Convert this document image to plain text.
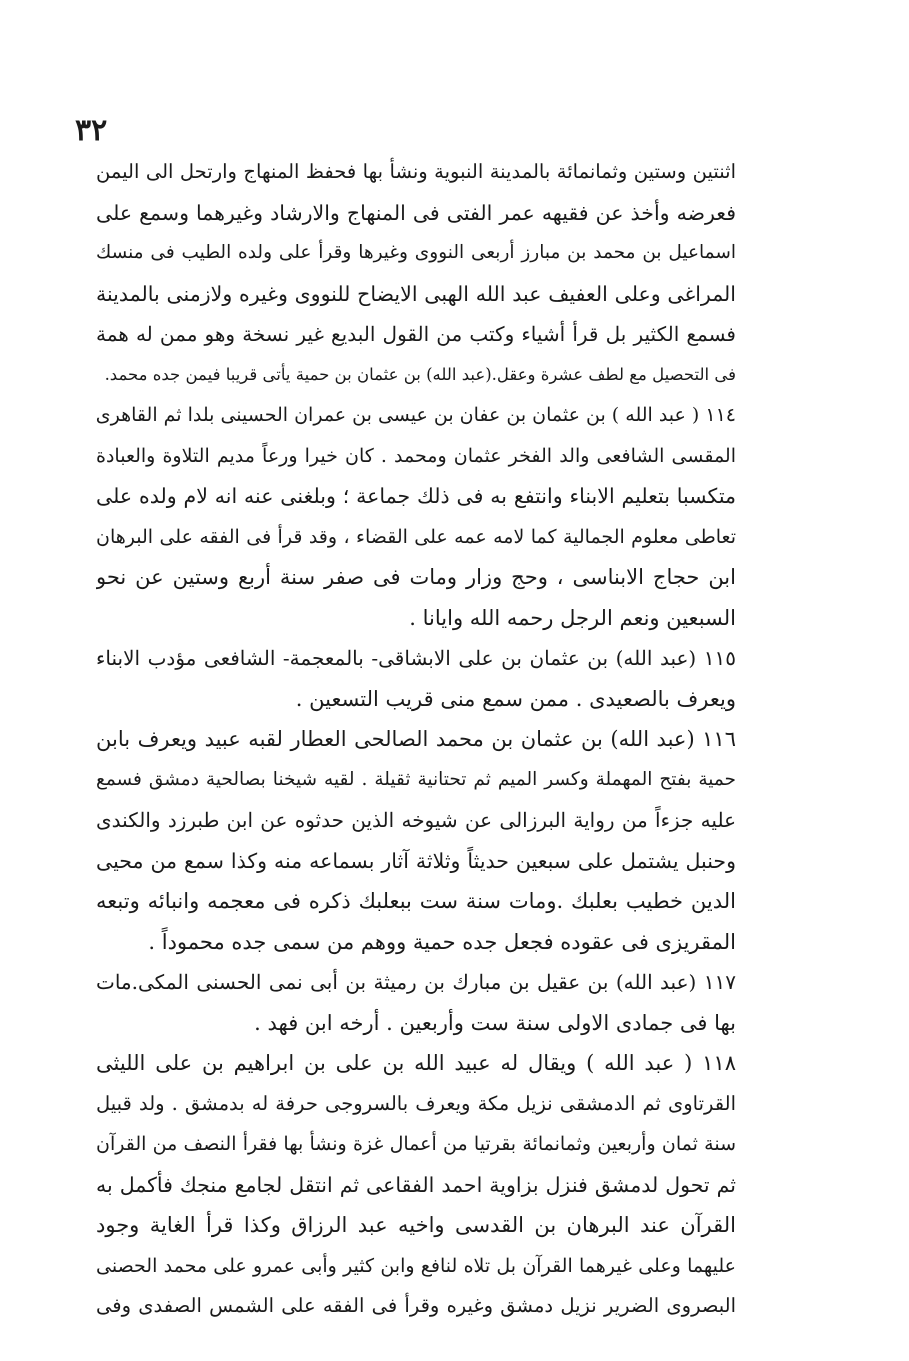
٣٢
اثنتين وستين وثمانمائة بالمدينة النبوية ونشأ بها فحفظ المنهاج وارتحل الى اليمن
فعرضه وأخذ عن فقيهه عمر الفتى فى المنهاج والارشاد وغيرهما وسمع على
اسماعيل بن محمد بن مبارز أربعى النووى وغيرها وقرأ على ولده الطيب فى منسك
المراغى وعلى العفيف عبد الله الهبى الايضاح للنووى وغيره ولازمنى بالمدينة
فسمع الكثير بل قرأ أشياء وكتب من القول البديع غير نسخة وهو ممن له همة
فى التحصيل مع لطف عشرة وعقل.(عبد الله) بن عثمان بن حمية يأتى قريبا فيمن جده محمد.
١١٤ ( عبد الله ) بن عثمان بن عفان بن عيسى بن عمران الحسينى بلدا ثم القاهرى
المقسى الشافعى والد الفخر عثمان ومحمد . كان خيرا ورعاً مديم التلاوة والعبادة
متكسبا بتعليم الابناء وانتفع به فى ذلك جماعة ؛ وبلغنى عنه انه لام ولده على
تعاطى معلوم الجمالية كما لامه عمه على القضاء ، وقد قرأ فى الفقه على البرهان
ابن حجاج الابناسى ، وحج وزار ومات فى صفر سنة أربع وستين عن نحو
السبعين ونعم الرجل رحمه الله وايانا .
١١٥ (عبد الله) بن عثمان بن على الابشاقى- بالمعجمة- الشافعى مؤدب الابناء
ويعرف بالصعيدى . ممن سمع منى قريب التسعين .
١١٦ (عبد الله) بن عثمان بن محمد الصالحى العطار لقبه عبيد ويعرف بابن
حمية بفتح المهملة وكسر الميم ثم تحتانية ثقيلة . لقيه شيخنا بصالحية دمشق فسمع
عليه جزءاً من رواية البرزالى عن شيوخه الذين حدثوه عن ابن طبرزد والكندى
وحنبل يشتمل على سبعين حديثاً وثلاثة آثار بسماعه منه وكذا سمع من محيى
الدين خطيب بعلبك .ومات سنة ست ببعلبك ذكره فى معجمه وانبائه وتبعه
المقريزى فى عقوده فجعل جده حمية ووهم من سمى جده محموداً .
١١٧ (عبد الله) بن عقيل بن مبارك بن رميثة بن أبى نمى الحسنى المكى.مات
بها فى جمادى الاولى سنة ست وأربعين . أرخه ابن فهد .
١١٨ ( عبد الله ) ويقال له عبيد الله بن على بن ابراهيم بن على الليثى
القرتاوى ثم الدمشقى نزيل مكة ويعرف بالسروجى حرفة له بدمشق . ولد قبيل
سنة ثمان وأربعين وثمانمائة بقرتيا من أعمال غزة ونشأ بها فقرأ النصف من القرآن
ثم تحول لدمشق فنزل بزاوية احمد الفقاعى ثم انتقل لجامع منجك فأكمل به
القرآن عند البرهان بن القدسى واخيه عبد الرزاق وكذا قرأ الغاية وجود
عليهما وعلى غيرهما القرآن بل تلاه لنافع وابن كثير وأبى عمرو على محمد الحصنى
البصروى الضرير نزيل دمشق وغيره وقرأ فى الفقه على الشمس الصفدى وفى
